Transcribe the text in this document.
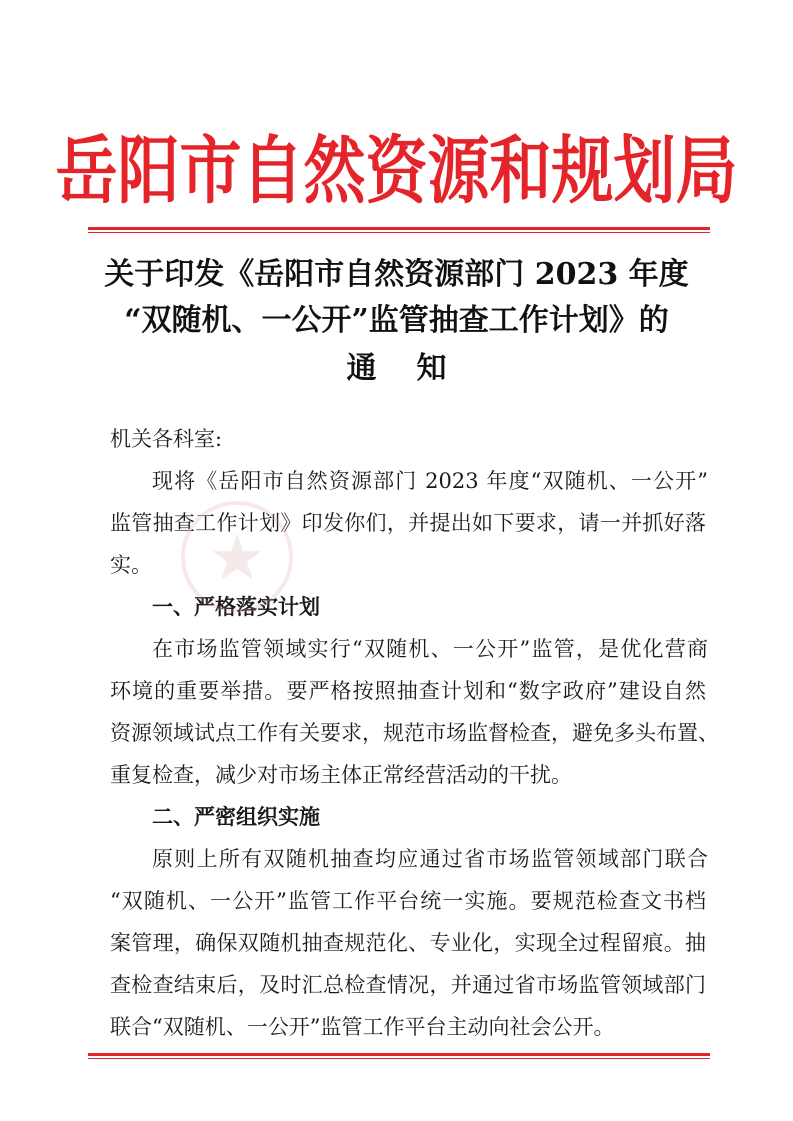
岳阳市自然资源和规划局
关于印发《岳阳市自然资源部门 2023 年度
“双随机、一公开”监管抽查工作计划》的
通知
机关各科室:
现将《岳阳市自然资源部门 2023 年度“双随机、一公开”
监管抽查工作计划》印发你们，并提出如下要求，请一并抓好落
实。
一、严格落实计划
在市场监管领域实行“双随机、一公开”监管，是优化营商
环境的重要举措。要严格按照抽查计划和“数字政府”建设自然
资源领域试点工作有关要求，规范市场监督检查，避免多头布置、
重复检查，减少对市场主体正常经营活动的干扰。
二、严密组织实施
原则上所有双随机抽查均应通过省市场监管领域部门联合
“双随机、一公开”监管工作平台统一实施。要规范检查文书档
案管理，确保双随机抽查规范化、专业化，实现全过程留痕。抽
查检查结束后，及时汇总检查情况，并通过省市场监管领域部门
联合“双随机、一公开”监管工作平台主动向社会公开。
